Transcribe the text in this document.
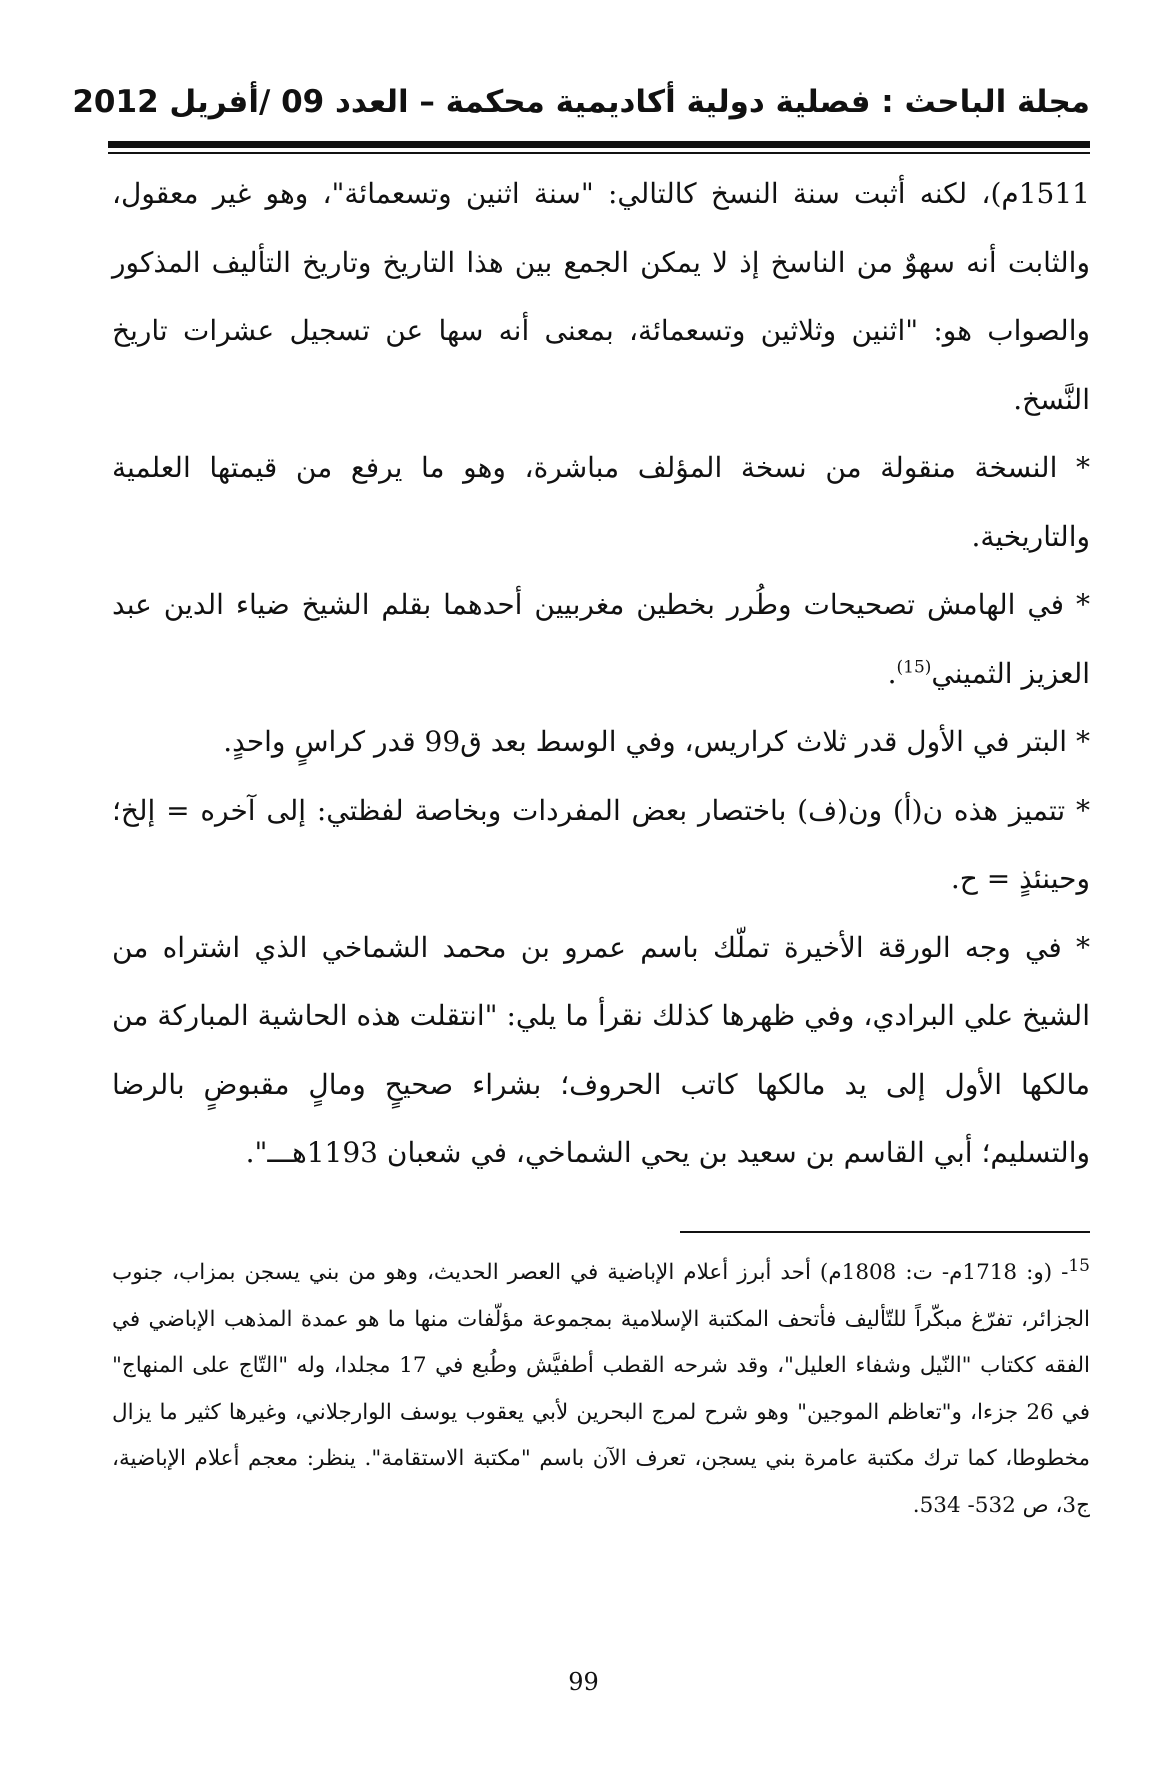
مجلة الباحث : فصلية دولية أكاديمية محكمة – العدد 09 /أفريل 2012

1511م)، لكنه أثبت سنة النسخ كالتالي: "سنة اثنين وتسعمائة"، وهو غير معقول، والثابت أنه سهوٌ من الناسخ إذ لا يمكن الجمع بين هذا التاريخ وتاريخ التأليف المذكور والصواب هو: "اثنين وثلاثين وتسعمائة، بمعنى أنه سها عن تسجيل عشرات تاريخ النَّسخ.

* النسخة منقولة من نسخة المؤلف مباشرة، وهو ما يرفع من قيمتها العلمية والتاريخية.

* في الهامش تصحيحات وطُرر بخطين مغربيين أحدهما بقلم الشيخ ضياء الدين عبد العزيز الثميني$^{(15)}$.

* البتر في الأول قدر ثلاث كراريس، وفي الوسط بعد ق99 قدر كراسٍ واحدٍ.

* تتميز هذه ن(أ) ون(ف) باختصار بعض المفردات وبخاصة لفظتي: إلى آخره = إلخ؛ وحينئذٍ = ح.

* في وجه الورقة الأخيرة تملّك باسم عمرو بن محمد الشماخي الذي اشتراه من الشيخ علي البرادي، وفي ظهرها كذلك نقرأ ما يلي: "انتقلت هذه الحاشية المباركة من مالكها الأول إلى يد مالكها كاتب الحروف؛ بشراء صحيحٍ ومالٍ مقبوضٍ بالرضا والتسليم؛ أبي القاسم بن سعيد بن يحي الشماخي، في شعبان 1193هـــ".

$^{15}$- (و: 1718م- ت: 1808م) أحد أبرز أعلام الإباضية في العصر الحديث، وهو من بني يسجن بمزاب، جنوب الجزائر، تفرّغ مبكّراً للتّأليف فأتحف المكتبة الإسلامية بمجموعة مؤلّفات منها ما هو عمدة المذهب الإباضي في الفقه ككتاب "النّيل وشفاء العليل"، وقد شرحه القطب أطفيَّش وطُبع في 17 مجلدا، وله "التّاج على المنهاج" في 26 جزءا، و"تعاظم الموجين" وهو شرح لمرج البحرين لأبي يعقوب يوسف الوارجلاني، وغيرها كثير ما يزال مخطوطا، كما ترك مكتبة عامرة بني يسجن، تعرف الآن باسم "مكتبة الاستقامة". ينظر: معجم أعلام الإباضية، ج3، ص 532- 534.

99
